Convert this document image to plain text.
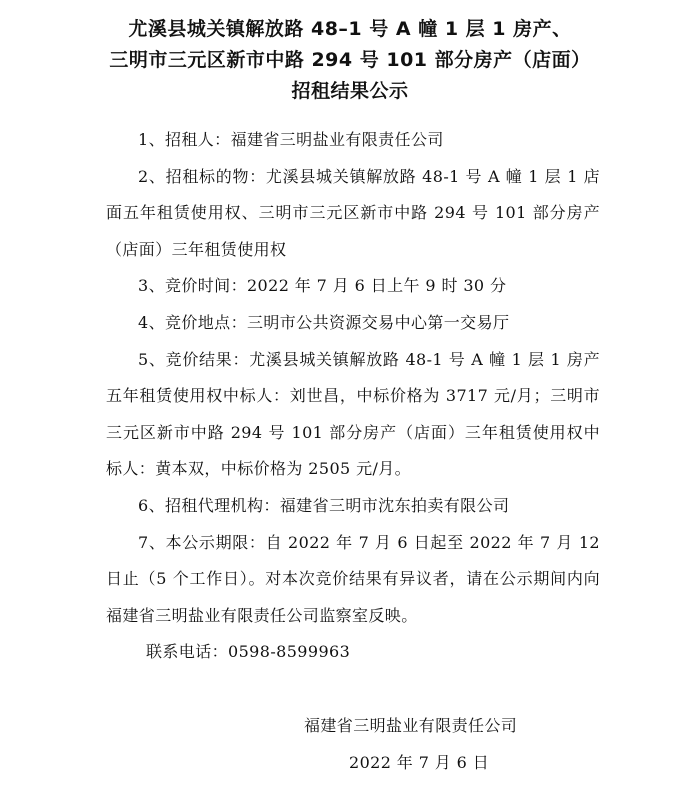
尤溪县城关镇解放路 48–1 号 A 幢 1 层 1 房产、
三明市三元区新市中路 294 号 101 部分房产（店面）
招租结果公示

1、招租人：福建省三明盐业有限责任公司

2、招租标的物：尤溪县城关镇解放路 48-1 号 A 幢 1 层 1 店面五年租赁使用权、三明市三元区新市中路 294 号 101 部分房产（店面）三年租赁使用权

3、竞价时间：2022 年 7 月 6 日上午 9 时 30 分

4、竞价地点：三明市公共资源交易中心第一交易厅

5、竞价结果：尤溪县城关镇解放路 48-1 号 A 幢 1 层 1 房产五年租赁使用权中标人：刘世昌，中标价格为 3717 元/月；三明市三元区新市中路 294 号 101 部分房产（店面）三年租赁使用权中标人：黄本双，中标价格为 2505 元/月。

6、招租代理机构：福建省三明市沈东拍卖有限公司

7、本公示期限：自 2022 年 7 月 6 日起至 2022 年 7 月 12 日止（5 个工作日）。对本次竞价结果有异议者，请在公示期间内向福建省三明盐业有限责任公司监察室反映。

联系电话：0598-8599963

福建省三明盐业有限责任公司
2022 年 7 月 6 日
